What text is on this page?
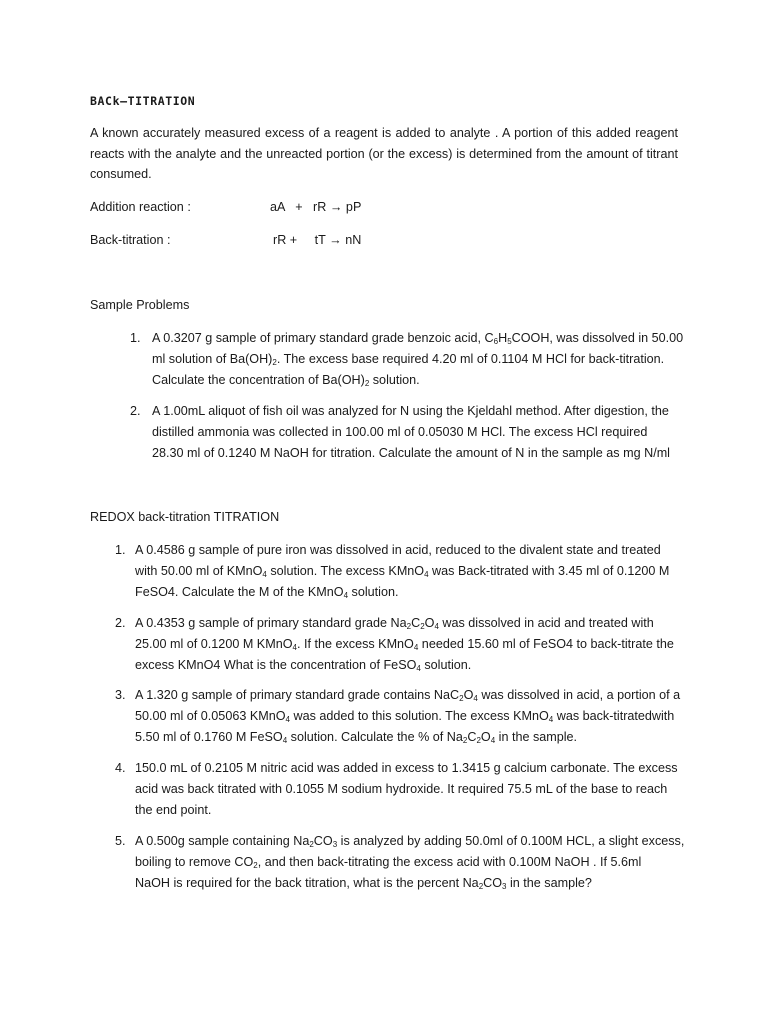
BACk–TITRATION
A known accurately measured excess of a reagent is added to analyte . A portion of this added reagent reacts with the analyte and the unreacted portion (or the excess) is determined from the amount of titrant consumed.
Addition reaction :	aA   +   rR → pP
Back-titration :	rR +     tT → nN
Sample Problems
1. A 0.3207 g sample of primary standard grade benzoic acid, $C_6H_5COOH$, was dissolved in 50.00
ml solution of $Ba(OH)_2$. The excess base required 4.20 ml of 0.1104 M HCl for back-titration.
Calculate the concentration of $Ba(OH)_2$ solution.
2. A 1.00mL aliquot of fish oil was analyzed for N using the Kjeldahl method. After digestion, the
distilled ammonia was collected in 100.00 ml of 0.05030 M HCl. The excess HCl required
28.30 ml of 0.1240 M NaOH for titration. Calculate the amount of N in the sample as mg N/ml
REDOX back-titration TITRATION
1. A 0.4586 g sample of pure iron was dissolved in acid, reduced to the divalent state and treated
with 50.00 ml of KMnO$_4$ solution. The excess KMnO$_4$ was Back-titrated with 3.45 ml of 0.1200 M
FeSO4. Calculate the M of the KMnO$_4$ solution.
2. A 0.4353 g sample of primary standard grade $Na_2C_2O_4$ was dissolved in acid and treated with
25.00 ml of 0.1200 M KMnO$_4$. If the excess KMnO$_4$ needed 15.60 ml of FeSO4 to back-titrate the
excess KMnO4 What is the concentration of FeSO$_4$ solution.
3. A 1.320 g sample of primary standard grade contains $NaC_2O_4$ was dissolved in acid, a portion of a
50.00 ml of 0.05063 KMnO$_4$ was added to this solution. The excess KMnO$_4$ was back-titratedwith
5.50 ml of 0.1760 M FeSO$_4$ solution. Calculate the % of $Na_2C_2O_4$ in the sample.
4. 150.0 mL of 0.2105 M nitric acid was added in excess to 1.3415 g calcium carbonate. The excess
acid was back titrated with 0.1055 M sodium hydroxide. It required 75.5 mL of the base to reach
the end point.
5. A 0.500g sample containing $Na_2CO_3$ is analyzed by adding 50.0ml of 0.100M HCL, a slight excess,
boiling to remove $CO_2$, and then back-titrating the excess acid with 0.100M NaOH . If 5.6ml
NaOH is required for the back titration, what is the percent $Na_2CO_3$ in the sample?
